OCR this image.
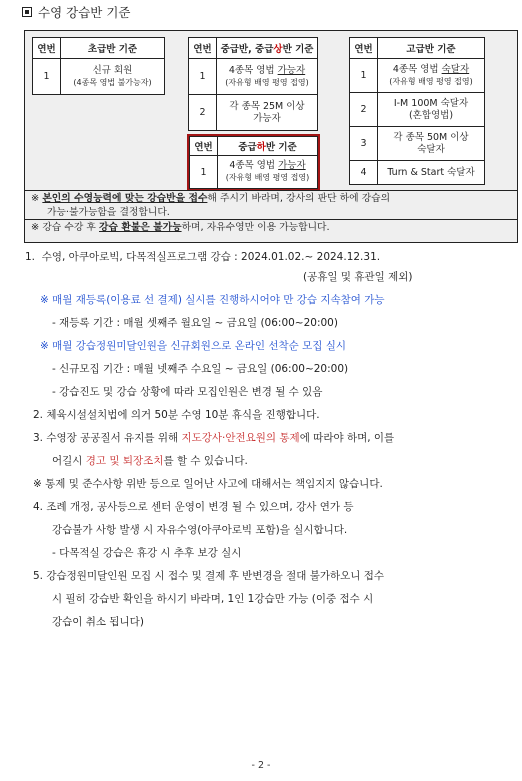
수영 강습반 기준
연번	초급반 기준
1	신규 회원
(4종목 영법 불가능자)
연번	중급반, 중급상반 기준
1	4종목 영법 가능자
(자유형 배영 평영 접영)

2	각 종목 25M 이상
가능자
연번	중급하반 기준
1	4종목 영법 가능자
(자유형 배영 평영 접영)
연번	고급반 기준
1	4종목 영법 숙달자
(자유형 배영 평영 접영)

2	I-M 100M 숙달자
(혼합영법)

3	각 종목 50M 이상
숙달자

4	Turn & Start 숙달자
※ 본인의 수영능력에 맞는 강습반을 접수해 주시기 바라며, 강사의 판단 하에 강습의
가능·불가능함을 결정합니다.
※ 강습 수강 후 강습 환불은 불가능하며, 자유수영만 이용 가능합니다.
1. 수영, 아쿠아로빅, 다목적실프로그램 강습 : 2024.01.02.~ 2024.12.31.
(공휴일 및 휴관일 제외)
※ 매월 재등록(이용료 선 결제) 실시를 진행하시어야 만 강습 지속참여 가능
- 재등록 기간 : 매월 셋째주 월요일 ~ 금요일 (06:00~20:00)
※ 매월 강습정원미달인원을 신규회원으로 온라인 선착순 모집 실시
- 신규모집 기간 : 매월 넷째주 수요일 ~ 금요일 (06:00~20:00)
- 강습진도 및 강습 상황에 따라 모집인원은 변경 될 수 있음
2. 체육시설설치법에 의거 50분 수영 10분 휴식을 진행합니다.
3. 수영장 공공질서 유지를 위해 지도강사·안전요원의 통제에 따라야 하며, 이를
어길시 경고 및 퇴장조치를 할 수 있습니다.
※ 통제 및 준수사항 위반 등으로 일어난 사고에 대해서는 책임지지 않습니다.
4. 조례 개정, 공사등으로 센터 운영이 변경 될 수 있으며, 강사 연가 등
강습불가 사항 발생 시 자유수영(아쿠아로빅 포함)을 실시합니다.
- 다목적실 강습은 휴강 시 추후 보강 실시
5. 강습정원미달인원 모집 시 접수 및 결제 후 반변경을 절대 불가하오니 접수
시 필히 강습반 확인을 하시기 바라며, 1인 1강습만 가능 (이중 접수 시
강습이 취소 됩니다)
- 2 -
